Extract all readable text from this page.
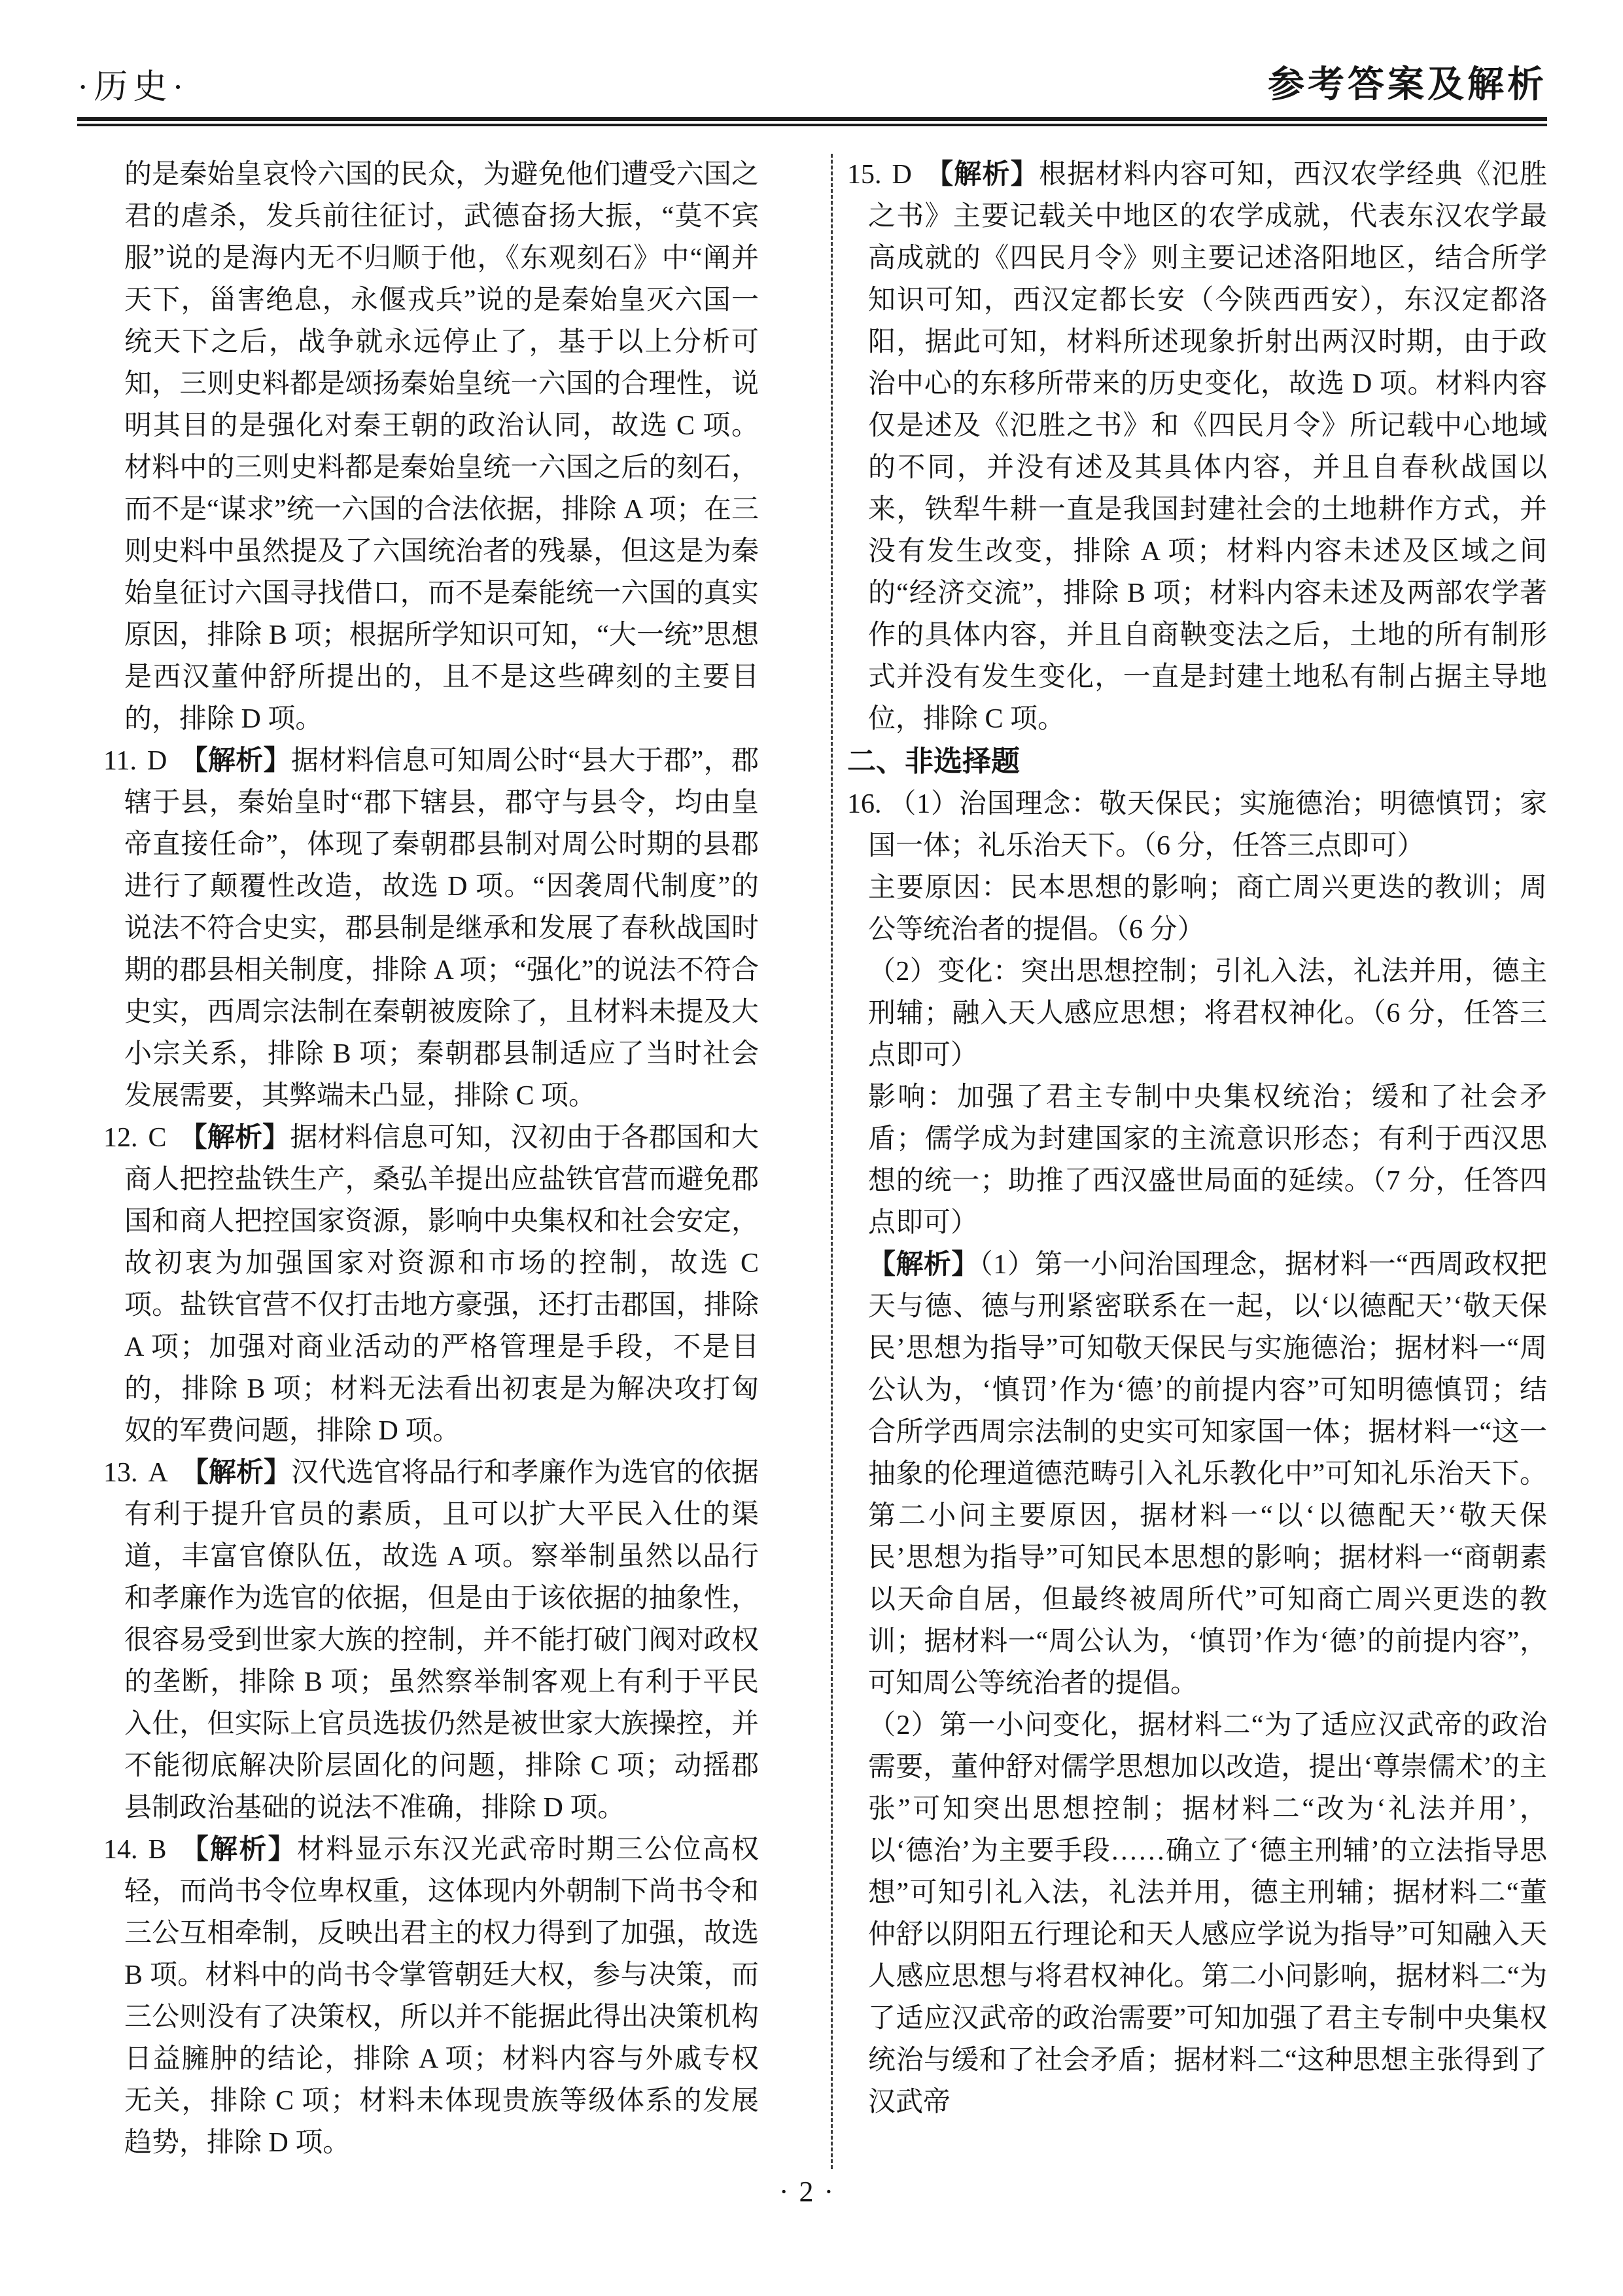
·历史·	参考答案及解析
的是秦始皇哀怜六国的民众，为避免他们遭受六国之君的虐杀，发兵前往征讨，武德奋扬大振，“莫不宾服”说的是海内无不归顺于他，《东观刻石》中“阐并天下，甾害绝息，永偃戎兵”说的是秦始皇灭六国一统天下之后，战争就永远停止了，基于以上分析可知，三则史料都是颂扬秦始皇统一六国的合理性，说明其目的是强化对秦王朝的政治认同，故选 C 项。材料中的三则史料都是秦始皇统一六国之后的刻石，而不是“谋求”统一六国的合法依据，排除 A 项；在三则史料中虽然提及了六国统治者的残暴，但这是为秦始皇征讨六国寻找借口，而不是秦能统一六国的真实原因，排除 B 项；根据所学知识可知，“大一统”思想是西汉董仲舒所提出的，且不是这些碑刻的主要目的，排除 D 项。
11. D 【解析】据材料信息可知周公时“县大于郡”，郡辖于县，秦始皇时“郡下辖县，郡守与县令，均由皇帝直接任命”，体现了秦朝郡县制对周公时期的县郡进行了颠覆性改造，故选 D 项。“因袭周代制度”的说法不符合史实，郡县制是继承和发展了春秋战国时期的郡县相关制度，排除 A 项；“强化”的说法不符合史实，西周宗法制在秦朝被废除了，且材料未提及大小宗关系，排除 B 项；秦朝郡县制适应了当时社会发展需要，其弊端未凸显，排除 C 项。
12. C 【解析】据材料信息可知，汉初由于各郡国和大商人把控盐铁生产，桑弘羊提出应盐铁官营而避免郡国和商人把控国家资源，影响中央集权和社会安定，故初衷为加强国家对资源和市场的控制，故选 C 项。盐铁官营不仅打击地方豪强，还打击郡国，排除 A 项；加强对商业活动的严格管理是手段，不是目的，排除 B 项；材料无法看出初衷是为解决攻打匈奴的军费问题，排除 D 项。
13. A 【解析】汉代选官将品行和孝廉作为选官的依据有利于提升官员的素质，且可以扩大平民入仕的渠道，丰富官僚队伍，故选 A 项。察举制虽然以品行和孝廉作为选官的依据，但是由于该依据的抽象性，很容易受到世家大族的控制，并不能打破门阀对政权的垄断，排除 B 项；虽然察举制客观上有利于平民入仕，但实际上官员选拔仍然是被世家大族操控，并不能彻底解决阶层固化的问题，排除 C 项；动摇郡县制政治基础的说法不准确，排除 D 项。
14. B 【解析】材料显示东汉光武帝时期三公位高权轻，而尚书令位卑权重，这体现内外朝制下尚书令和三公互相牵制，反映出君主的权力得到了加强，故选 B 项。材料中的尚书令掌管朝廷大权，参与决策，而三公则没有了决策权，所以并不能据此得出决策机构日益臃肿的结论，排除 A 项；材料内容与外戚专权无关，排除 C 项；材料未体现贵族等级体系的发展趋势，排除 D 项。
15. D 【解析】根据材料内容可知，西汉农学经典《氾胜之书》主要记载关中地区的农学成就，代表东汉农学最高成就的《四民月令》则主要记述洛阳地区，结合所学知识可知，西汉定都长安（今陕西西安），东汉定都洛阳，据此可知，材料所述现象折射出两汉时期，由于政治中心的东移所带来的历史变化，故选 D 项。材料内容仅是述及《氾胜之书》和《四民月令》所记载中心地域的不同，并没有述及其具体内容，并且自春秋战国以来，铁犁牛耕一直是我国封建社会的土地耕作方式，并没有发生改变，排除 A 项；材料内容未述及区域之间的“经济交流”，排除 B 项；材料内容未述及两部农学著作的具体内容，并且自商鞅变法之后，土地的所有制形式并没有发生变化，一直是封建土地私有制占据主导地位，排除 C 项。
二、非选择题
16. （1）治国理念：敬天保民；实施德治；明德慎罚；家国一体；礼乐治天下。（6 分，任答三点即可）
主要原因：民本思想的影响；商亡周兴更迭的教训；周公等统治者的提倡。（6 分）
（2）变化：突出思想控制；引礼入法，礼法并用，德主刑辅；融入天人感应思想；将君权神化。（6 分，任答三点即可）
影响：加强了君主专制中央集权统治；缓和了社会矛盾；儒学成为封建国家的主流意识形态；有利于西汉思想的统一；助推了西汉盛世局面的延续。（7 分，任答四点即可）
【解析】（1）第一小问治国理念，据材料一“西周政权把天与德、德与刑紧密联系在一起，以‘以德配天’‘敬天保民’思想为指导”可知敬天保民与实施德治；据材料一“周公认为，‘慎罚’作为‘德’的前提内容”可知明德慎罚；结合所学西周宗法制的史实可知家国一体；据材料一“这一抽象的伦理道德范畴引入礼乐教化中”可知礼乐治天下。第二小问主要原因，据材料一“以‘以德配天’‘敬天保民’思想为指导”可知民本思想的影响；据材料一“商朝素以天命自居，但最终被周所代”可知商亡周兴更迭的教训；据材料一“周公认为，‘慎罚’作为‘德’的前提内容”，可知周公等统治者的提倡。
（2）第一小问变化，据材料二“为了适应汉武帝的政治需要，董仲舒对儒学思想加以改造，提出‘尊崇儒术’的主张”可知突出思想控制；据材料二“改为‘礼法并用’，以‘德治’为主要手段……确立了‘德主刑辅’的立法指导思想”可知引礼入法，礼法并用，德主刑辅；据材料二“董仲舒以阴阳五行理论和天人感应学说为指导”可知融入天人感应思想与将君权神化。第二小问影响，据材料二“为了适应汉武帝的政治需要”可知加强了君主专制中央集权统治与缓和了社会矛盾；据材料二“这种思想主张得到了汉武帝
·2·
